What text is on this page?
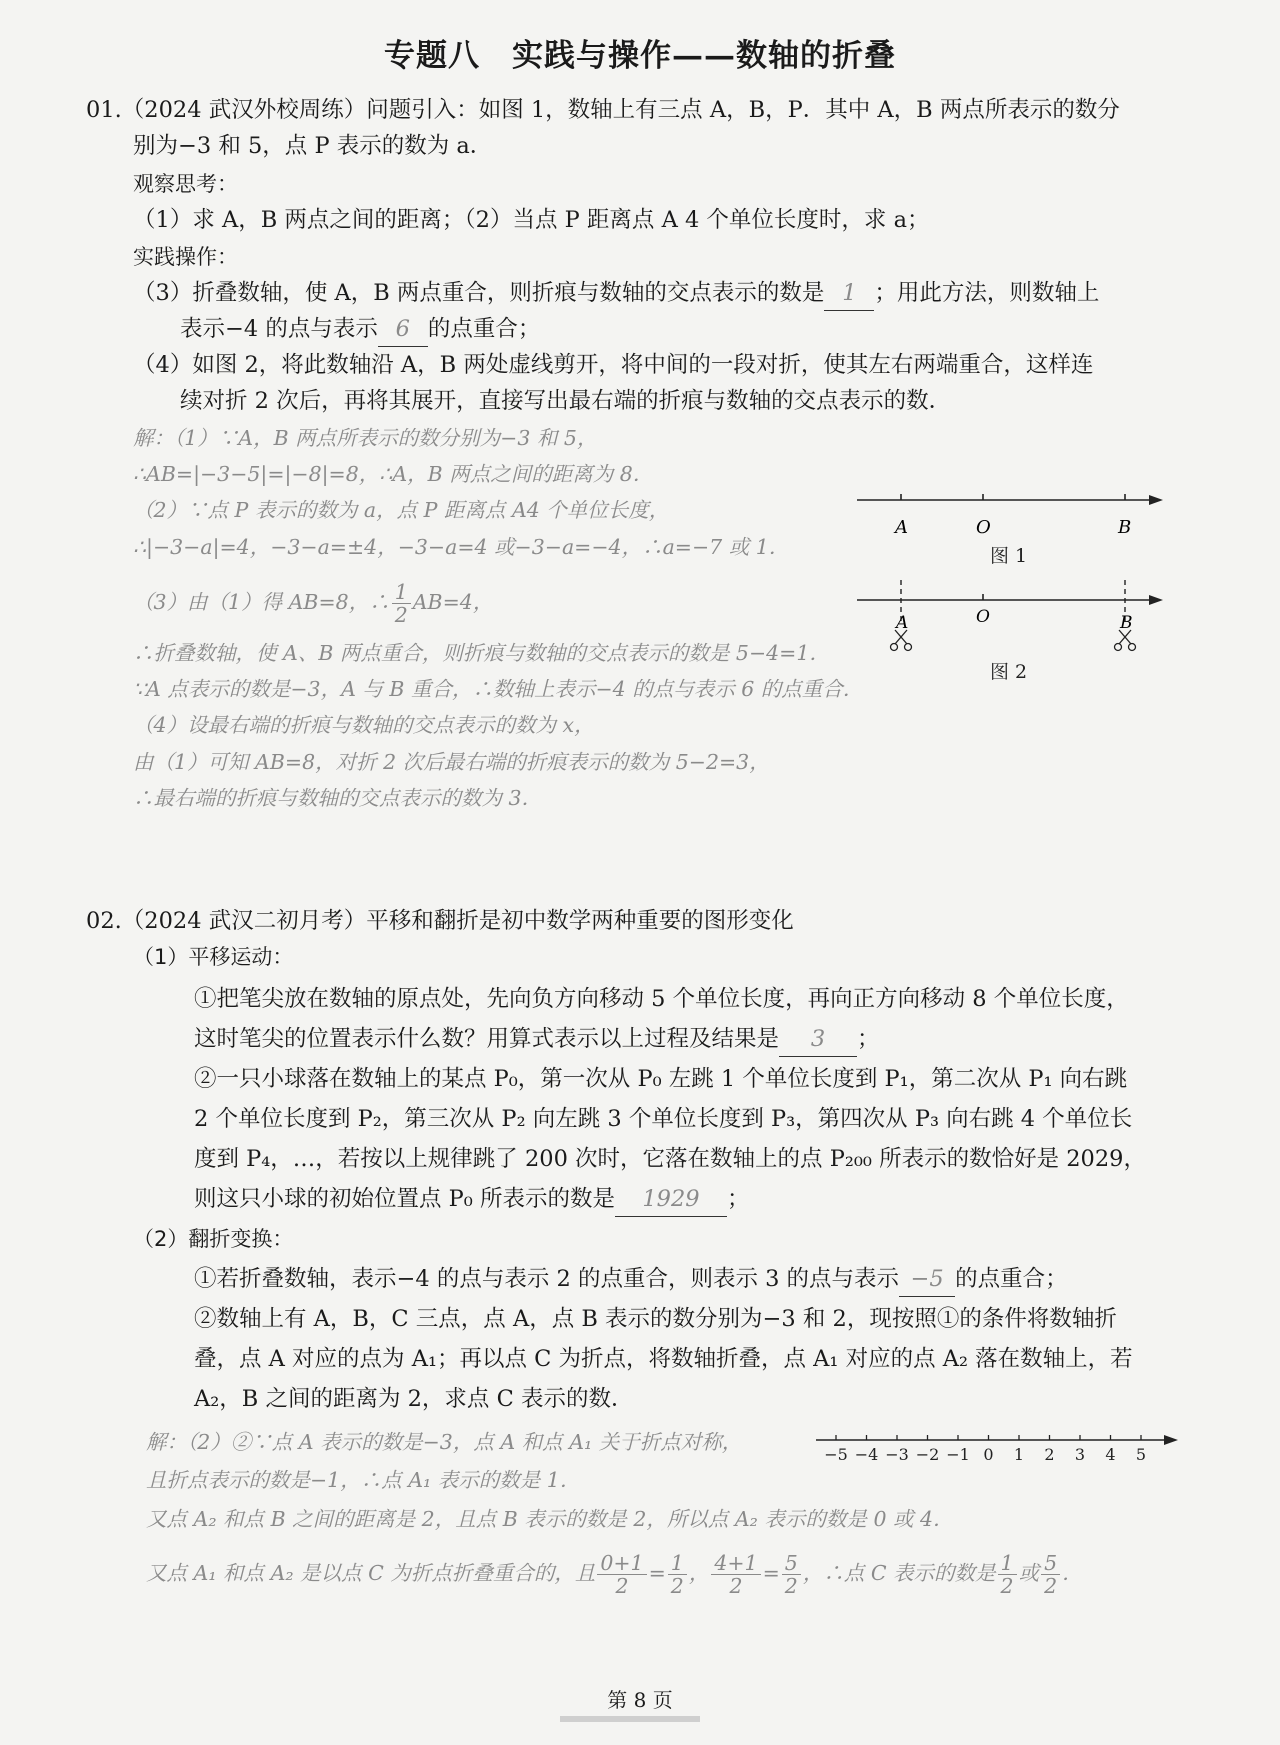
专题八　实践与操作——数轴的折叠
01.（2024 武汉外校周练）问题引入：如图 1，数轴上有三点 A，B，P．其中 A，B 两点所表示的数分
别为−3 和 5，点 P 表示的数为 a．
观察思考：
（1）求 A，B 两点之间的距离；（2）当点 P 距离点 A 4 个单位长度时，求 a；
实践操作：
（3）折叠数轴，使 A，B 两点重合，则折痕与数轴的交点表示的数是 1 ；用此方法，则数轴上
表示−4 的点与表示 6 的点重合；
（4）如图 2，将此数轴沿 A，B 两处虚线剪开，将中间的一段对折，使其左右两端重合，这样连
续对折 2 次后，再将其展开，直接写出最右端的折痕与数轴的交点表示的数．
解：（1）∵A，B 两点所表示的数分别为−3 和 5，
∴AB=|−3−5|=|−8|=8，∴A，B 两点之间的距离为 8．
（2）∵点 P 表示的数为 a，点 P 距离点 A4 个单位长度，
∴|−3−a|=4，−3−a=±4，−3−a=4 或−3−a=−4，∴a=−7 或 1．
（3）由（1）得 AB=8，∴ $\frac{1}{2} AB=4$，
∴折叠数轴，使 A、B 两点重合，则折痕与数轴的交点表示的数是 5−4=1．
∵A 点表示的数是−3，A 与 B 重合，∴数轴上表示−4 的点与表示 6 的点重合．
（4）设最右端的折痕与数轴的交点表示的数为 x，
由（1）可知 AB=8，对折 2 次后最右端的折痕表示的数为 5−2=3，
∴最右端的折痕与数轴的交点表示的数为 3．
A	O	B
图 1
A	O	B
图 2
02.（2024 武汉二初月考）平移和翻折是初中数学两种重要的图形变化
（1）平移运动：
①把笔尖放在数轴的原点处，先向负方向移动 5 个单位长度，再向正方向移动 8 个单位长度，
这时笔尖的位置表示什么数？用算式表示以上过程及结果是 3 ；
②一只小球落在数轴上的某点 P₀，第一次从 P₀ 左跳 1 个单位长度到 P₁，第二次从 P₁ 向右跳
2 个单位长度到 P₂，第三次从 P₂ 向左跳 3 个单位长度到 P₃，第四次从 P₃ 向右跳 4 个单位长
度到 P₄，…，若按以上规律跳了 200 次时，它落在数轴上的点 P₂₀₀ 所表示的数恰好是 2029，
则这只小球的初始位置点 P₀ 所表示的数是 1929 ；
（2）翻折变换：
①若折叠数轴，表示−4 的点与表示 2 的点重合，则表示 3 的点与表示 −5 的点重合；
②数轴上有 A，B，C 三点，点 A，点 B 表示的数分别为−3 和 2，现按照①的条件将数轴折
叠，点 A 对应的点为 A₁；再以点 C 为折点，将数轴折叠，点 A₁ 对应的点 A₂ 落在数轴上，若
A₂，B 之间的距离为 2，求点 C 表示的数．
解：（2）②∵点 A 表示的数是−3，点 A 和点 A₁ 关于折点对称，
且折点表示的数是−1，∴点 A₁ 表示的数是 1．
又点 A₂ 和点 B 之间的距离是 2，且点 B 表示的数是 2，所以点 A₂ 表示的数是 0 或 4．
又点 A₁ 和点 A₂ 是以点 C 为折点折叠重合的，且 $\frac{0+1}{2} = \frac{1}{2}$ ， $\frac{4+1}{2} = \frac{5}{2}$ ，∴点 C 表示的数是 $\frac{1}{2}$ 或 $\frac{5}{2}$ ．
−5 −4 −3 −2 −1 0 1 2 3 4 5
第 8 页
